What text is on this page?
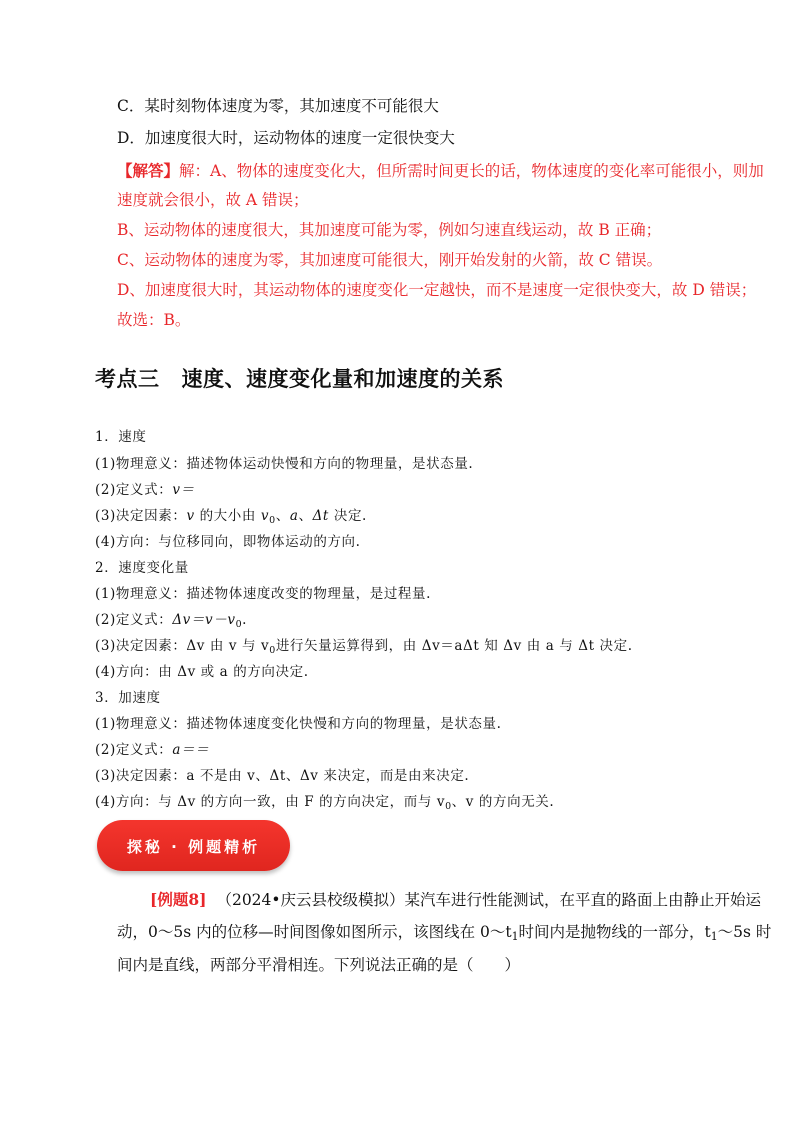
C．某时刻物体速度为零，其加速度不可能很大
D．加速度很大时，运动物体的速度一定很快变大
【解答】解：A、物体的速度变化大，但所需时间更长的话，物体速度的变化率可能很小，则加
速度就会很小，故 A 错误；
B、运动物体的速度很大，其加速度可能为零，例如匀速直线运动，故 B 正确；
C、运动物体的速度为零，其加速度可能很大，刚开始发射的火箭，故 C 错误。
D、加速度很大时，其运动物体的速度变化一定越快，而不是速度一定很快变大，故 D 错误；
故选：B。
考点三 速度、速度变化量和加速度的关系
1．速度
(1)物理意义：描述物体运动快慢和方向的物理量，是状态量.
(2)定义式：v＝
(3)决定因素：v 的大小由 $v_0$、a、Δt 决定.
(4)方向：与位移同向，即物体运动的方向.
2．速度变化量
(1)物理意义：描述物体速度改变的物理量，是过程量.
(2)定义式：$\Delta v=v-v_0$.
(3)决定因素：Δv 由 v 与 $v_0$进行矢量运算得到，由 Δv＝aΔt 知 Δv 由 a 与 Δt 决定.
(4)方向：由 Δv 或 a 的方向决定.
3．加速度
(1)物理意义：描述物体速度变化快慢和方向的物理量，是状态量.
(2)定义式：a＝＝
(3)决定因素：a 不是由 v、Δt、Δv 来决定，而是由来决定.
(4)方向：与 Δv 的方向一致，由 F 的方向决定，而与 $v_0$、v 的方向无关.
探秘 · 例题精析
[例题8] （2024•庆云县校级模拟）某汽车进行性能测试，在平直的路面上由静止开始运
动，0～5s 内的位移—时间图像如图所示，该图线在 $0\sim t_1$时间内是抛物线的一部分，$t_1\sim 5s$ 时
间内是直线，两部分平滑相连。下列说法正确的是（　　）
